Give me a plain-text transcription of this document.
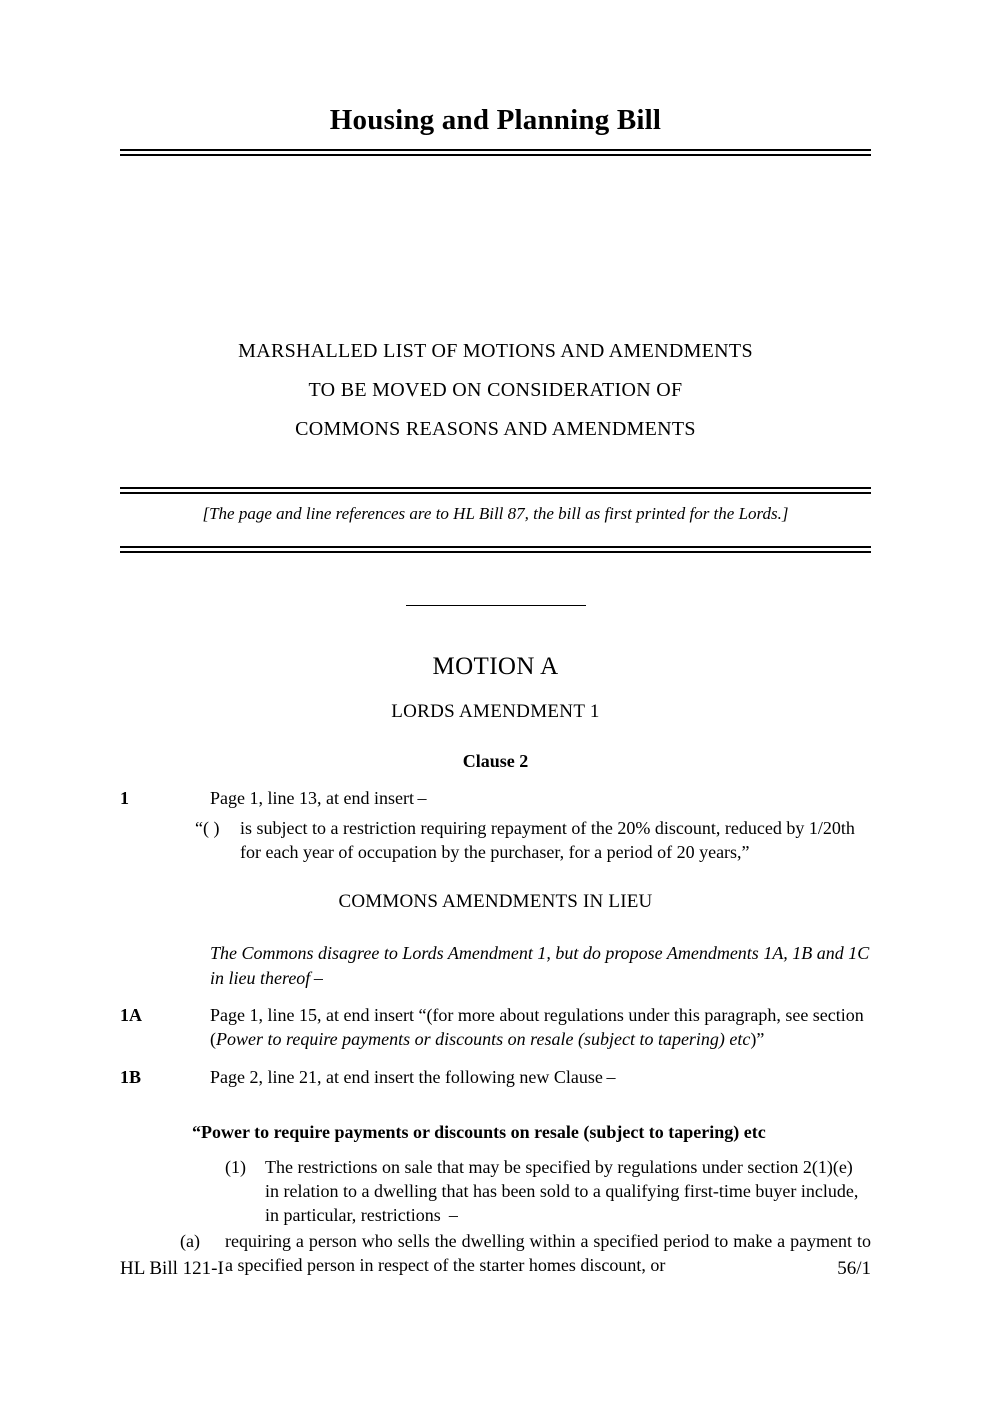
Housing and Planning Bill
MARSHALLED LIST OF MOTIONS AND AMENDMENTS
TO BE MOVED ON CONSIDERATION OF
COMMONS REASONS AND AMENDMENTS
[The page and line references are to HL Bill 87, the bill as first printed for the Lords.]
MOTION A
LORDS AMENDMENT 1
Clause 2
1	Page 1, line 13, at end insert –
“( ) is subject to a restriction requiring repayment of the 20% discount, reduced by 1/20th for each year of occupation by the purchaser, for a period of 20 years,”
COMMONS AMENDMENTS IN LIEU
The Commons disagree to Lords Amendment 1, but do propose Amendments 1A, 1B and 1C in lieu thereof –
1A	Page 1, line 15, at end insert “(for more about regulations under this paragraph, see section (Power to require payments or discounts on resale (subject to tapering) etc)”
1B	Page 2, line 21, at end insert the following new Clause –
“Power to require payments or discounts on resale (subject to tapering) etc
(1) The restrictions on sale that may be specified by regulations under section 2(1)(e) in relation to a dwelling that has been sold to a qualifying first-time buyer include, in particular, restrictions  –
(a) requiring a person who sells the dwelling within a specified period to make a payment to a specified person in respect of the starter homes discount, or
HL Bill 121-I	56/1
